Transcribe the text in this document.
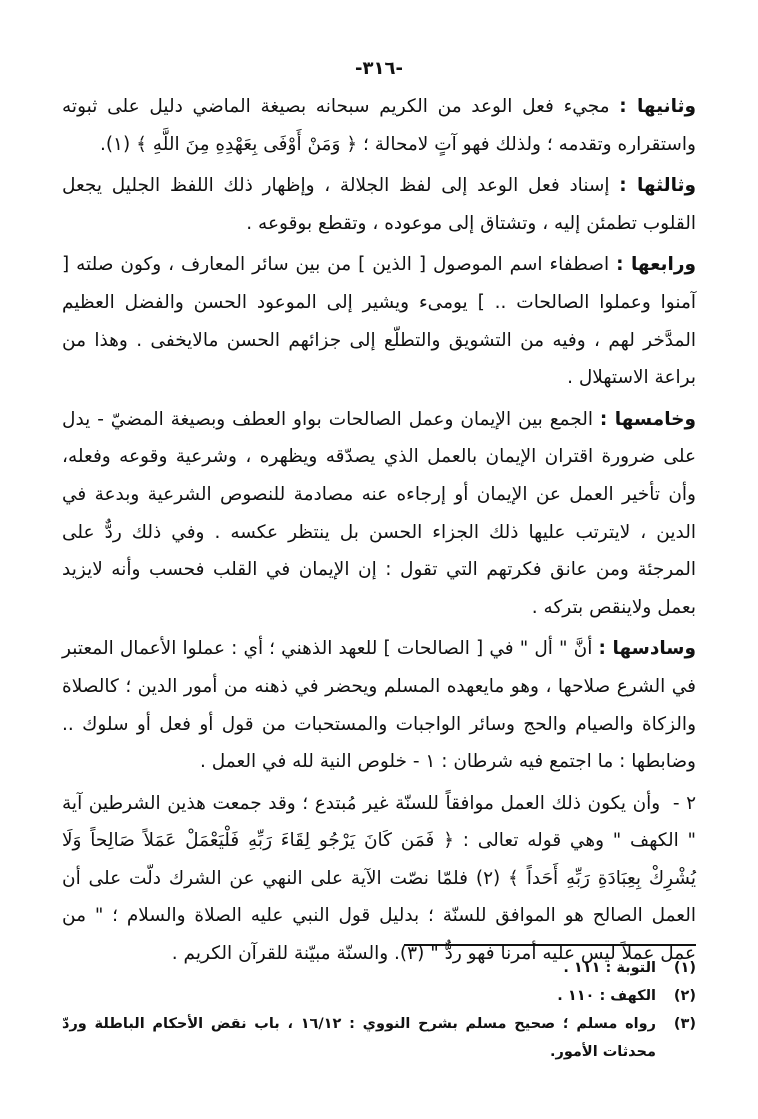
-٣١٦-

وثانيها : مجيء فعل الوعد من الكريم سبحانه بصيغة الماضي دليل على ثبوته واستقراره وتقدمه ؛ ولذلك فهو آتٍ لامحالة ؛ ﴿ وَمَنْ أَوْفَى بِعَهْدِهِ مِنَ اللَّهِ ﴾ (١).

وثالثها : إسناد فعل الوعد إلى لفظ الجلالة ، وإظهار ذلك اللفظ الجليل يجعل القلوب تطمئن إليه ، وتشتاق إلى موعوده ، وتقطع بوقوعه .

ورابعها : اصطفاء اسم الموصول [ الذين ] من بين سائر المعارف ، وكون صلته [ آمنوا وعملوا الصالحات .. ] يومىء ويشير إلى الموعود الحسن والفضل العظيم المدَّخر لهم ، وفيه من التشويق والتطلّع إلى جزائهم الحسن مالايخفى . وهذا من براعة الاستهلال .

وخامسها : الجمع بين الإيمان وعمل الصالحات بواو العطف وبصيغة المضيّ - يدل على ضرورة اقتران الإيمان بالعمل الذي يصدّقه ويظهره ، وشرعية وقوعه وفعله، وأن تأخير العمل عن الإيمان أو إرجاءه عنه مصادمة للنصوص الشرعية وبدعة في الدين ، لايترتب عليها ذلك الجزاء الحسن بل ينتظر عكسه . وفي ذلك ردٌّ على المرجئة ومن عانق فكرتهم التي تقول : إن الإيمان في القلب فحسب وأنه لايزيد بعمل ولاينقص بتركه .

وسادسها : أنَّ " أل " في [ الصالحات ] للعهد الذهني ؛ أي : عملوا الأعمال المعتبر في الشرع صلاحها ، وهو مايعهده المسلم ويحضر في ذهنه من أمور الدين ؛ كالصلاة والزكاة والصيام والحج وسائر الواجبات والمستحبات من قول أو فعل أو سلوك .. وضابطها : ما اجتمع فيه شرطان : ١ - خلوص النية لله في العمل .

٢ - وأن يكون ذلك العمل موافقاً للسنّة غير مُبتدع ؛ وقد جمعت هذين الشرطين آية " الكهف " وهي قوله تعالى : ﴿ فَمَن كَانَ يَرْجُو لِقَاءَ رَبِّهِ فَلْيَعْمَلْ عَمَلاً صَالِحاً وَلَا يُشْرِكْ بِعِبَادَةِ رَبِّهِ أَحَداً ﴾ (٢) فلمّا نصّت الآية على النهي عن الشرك دلّت على أن العمل الصالح هو الموافق للسنّة ؛ بدليل قول النبي عليه الصلاة والسلام ؛ " من عمل عملاً ليس عليه أمرنا فهو ردٌّ " (٣). والسنّة مبيّنة للقرآن الكريم .

(١)
التوبة : ١١١ .
(٢)
الكهف : ١١٠ .
(٣)
رواه مسلم ؛ صحيح مسلم بشرح النووي : ١٦/١٢ ، باب نقض الأحكام الباطلة وردّ محدثات الأمور.
